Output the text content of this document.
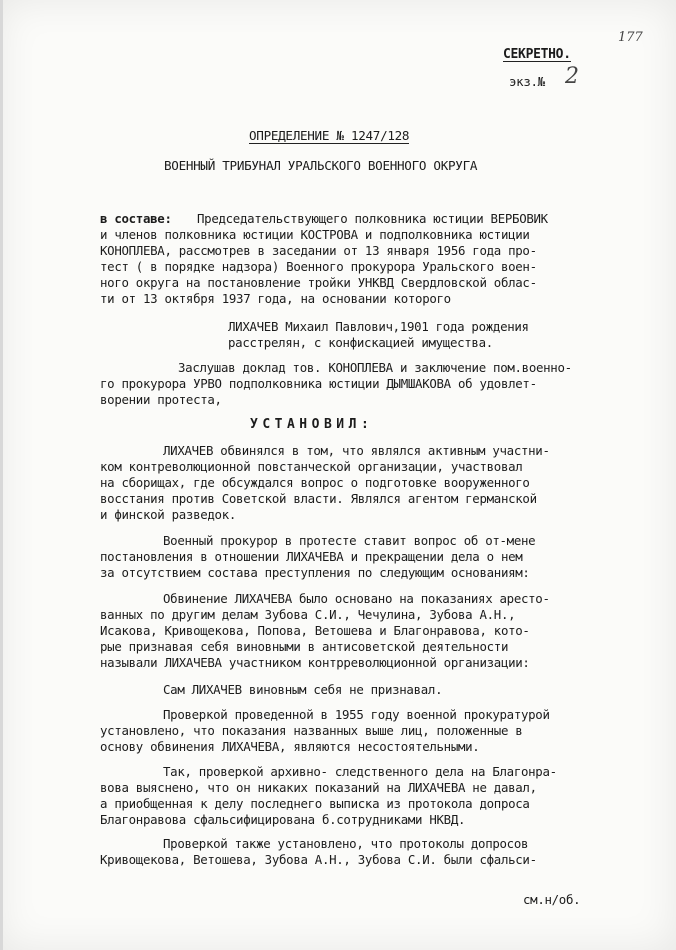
СЕКРЕТНО.
177
экз.№ 2
ОПРЕДЕЛЕНИЕ № 1247/128
ВОЕННЫЙ ТРИБУНАЛ УРАЛЬСКОГО ВОЕННОГО ОКРУГА
в составе: Председательствующего полковника юстиции ВЕРБОВИК
и членов полковника юстиции КОСТРОВА и подполковника юстиции
КОНОПЛЕВА, рассмотрев в заседании от 13 января 1956 года про-
тест ( в порядке надзора) Военного прокурора Уральского воен-
ного округа на постановление тройки УНКВД Свердловской облас-
ти от 13 октября 1937 года, на основании которого
ЛИХАЧЕВ Михаил Павлович,1901 года рождения
расстрелян, с конфискацией имущества.
Заслушав доклад тов. КОНОПЛЕВА и заключение пом.военно-
го прокурора УРВО подполковника юстиции ДЫМШАКОВА об удовлет-
ворении протеста,
УСТАНОВИЛ:
ЛИХАЧЕВ обвинялся в том, что являлся активным участни-
ком контреволюционной повстанческой организации, участвовал
на сборищах, где обсуждался вопрос о подготовке вооруженного
восстания против Советской власти. Являлся агентом германской
и финской разведок.
Военный прокурор в протесте ставит вопрос об от-мене
постановления в отношении ЛИХАЧЕВА и прекращении дела о нем
за отсутствием состава преступления по следующим основаниям:
Обвинение ЛИХАЧЕВА было основано на показаниях аресто-
ванных по другим делам Зубова С.И., Чечулина, Зубова А.Н.,
Исакова, Кривощекова, Попова, Ветошева и Благонравова, кото-
рые признавая себя виновными в антисоветской деятельности
называли ЛИХАЧЕВА участником контрреволюционной организации:
Сам ЛИХАЧЕВ виновным себя не признавал.
Проверкой проведенной в 1955 году военной прокуратурой
установлено, что показания названных выше лиц, положенные в
основу обвинения ЛИХАЧЕВА, являются несостоятельными.
Так, проверкой архивно- следственного дела на Благонра-
вова выяснено, что он никаких показаний на ЛИХАЧЕВА не давал,
а приобщенная к делу последнего выписка из протокола допроса
Благонравова сфальсифицирована б.сотрудниками НКВД.
Проверкой также установлено, что протоколы допросов
Кривощекова, Ветошева, Зубова А.Н., Зубова С.И. были сфальси-
см.н/об.
